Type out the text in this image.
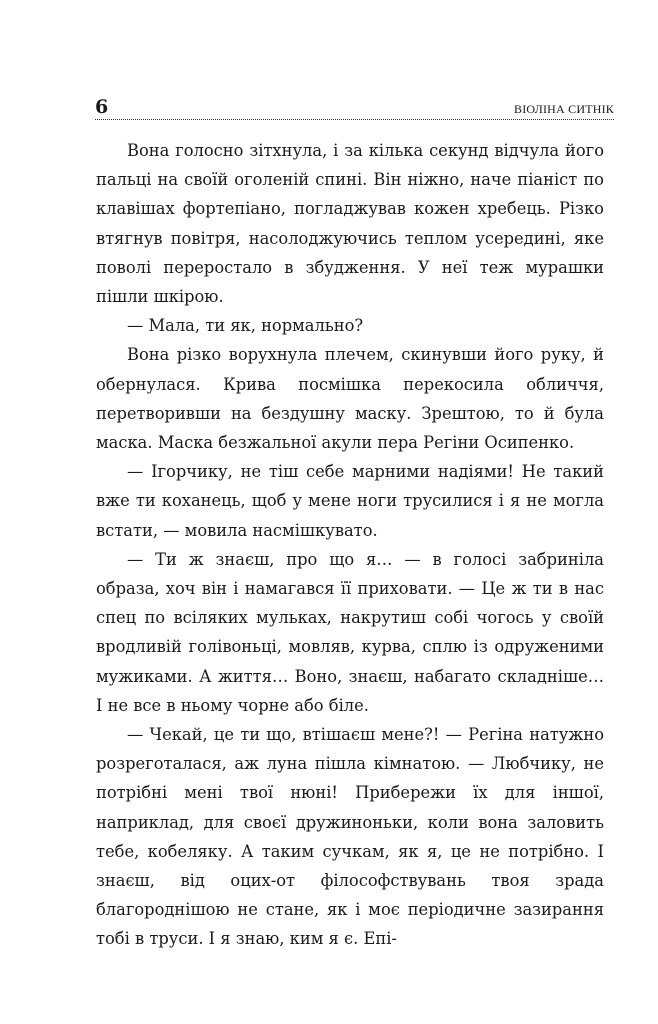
6	ВІОЛІНА СИТНІК

Вона голосно зітхнула, і за кілька секунд відчула його пальці на своїй оголеній спині. Він ніжно, наче піаніст по клавішах фортепіано, погладжував кожен хребець. Різко втягнув повітря, насолоджуючись теплом усередині, яке поволі переростало в збудження. У неї теж мурашки пішли шкірою.

— Мала, ти як, нормально?

Вона різко ворухнула плечем, скинувши його руку, й обернулася. Крива посмішка перекосила обличчя, перетворивши на бездушну маску. Зрештою, то й була маска. Маска безжальної акули пера Регіни Осипенко.

— Ігорчику, не тіш себе марними надіями! Не такий вже ти коханець, щоб у мене ноги трусилися і я не могла встати, — мовила насмішкувато.

— Ти ж знаєш, про що я… — в голосі забриніла образа, хоч він і намагався її приховати. — Це ж ти в нас спец по всіляких мульках, накрутиш собі чогось у своїй вродливій голівоньці, мовляв, курва, сплю із одруженими мужиками. А життя… Воно, знаєш, набагато складніше… І не все в ньому чорне або біле.

— Чекай, це ти що, втішаєш мене?! — Регіна натужно розреготалася, аж луна пішла кімнатою. — Любчику, не потрібні мені твої нюні! Прибережи їх для іншої, наприклад, для своєї дружиноньки, коли вона заловить тебе, кобеляку. А таким сучкам, як я, це не потрібно. І знаєш, від оцих-от філософствувань твоя зрада благороднішою не стане, як і моє періодичне зазирання тобі в труси. І я знаю, ким я є. Епі-
